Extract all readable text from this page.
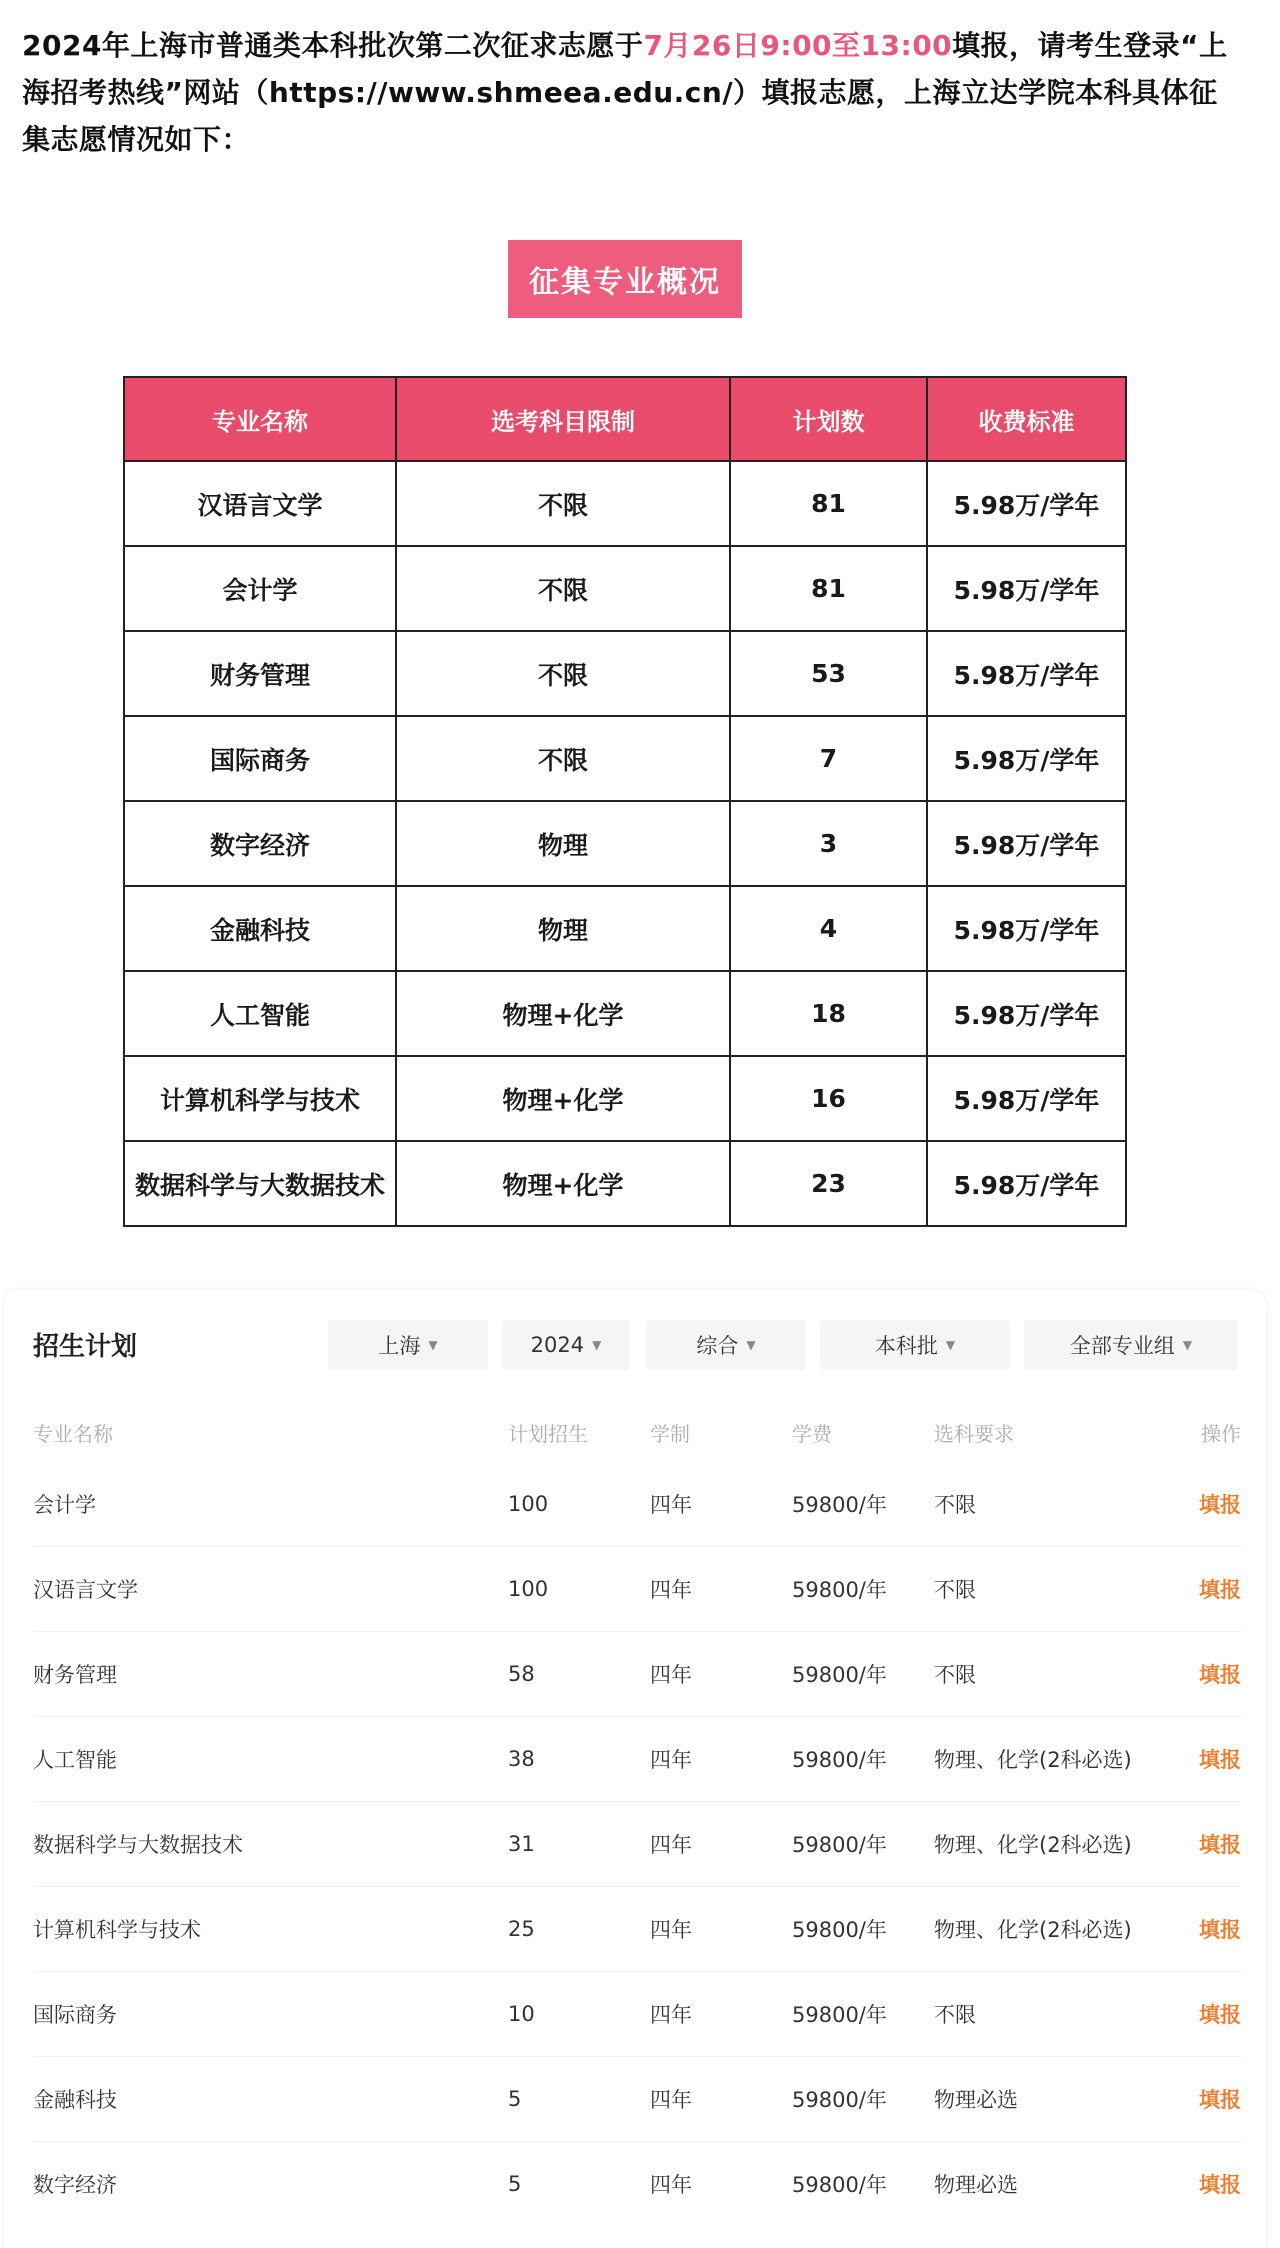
2024年上海市普通类本科批次第二次征求志愿于7月26日9:00至13:00填报，请考生登录“上海招考热线”网站（https://www.shmeea.edu.cn/）填报志愿，上海立达学院本科具体征集志愿情况如下：
征集专业概况
专业名称	选考科目限制	计划数	收费标准
汉语言文学	不限	81	5.98万/学年
会计学	不限	81	5.98万/学年
财务管理	不限	53	5.98万/学年
国际商务	不限	7	5.98万/学年
数字经济	物理	3	5.98万/学年
金融科技	物理	4	5.98万/学年
人工智能	物理+化学	18	5.98万/学年
计算机科学与技术	物理+化学	16	5.98万/学年
数据科学与大数据技术	物理+化学	23	5.98万/学年
招生计划	上海 ▼	2024 ▼	综合 ▼	本科批 ▼	全部专业组 ▼
专业名称	计划招生	学制	学费	选科要求	操作
会计学	100	四年	59800/年	不限	填报
汉语言文学	100	四年	59800/年	不限	填报
财务管理	58	四年	59800/年	不限	填报
人工智能	38	四年	59800/年	物理、化学(2科必选)	填报
数据科学与大数据技术	31	四年	59800/年	物理、化学(2科必选)	填报
计算机科学与技术	25	四年	59800/年	物理、化学(2科必选)	填报
国际商务	10	四年	59800/年	不限	填报
金融科技	5	四年	59800/年	物理必选	填报
数字经济	5	四年	59800/年	物理必选	填报
